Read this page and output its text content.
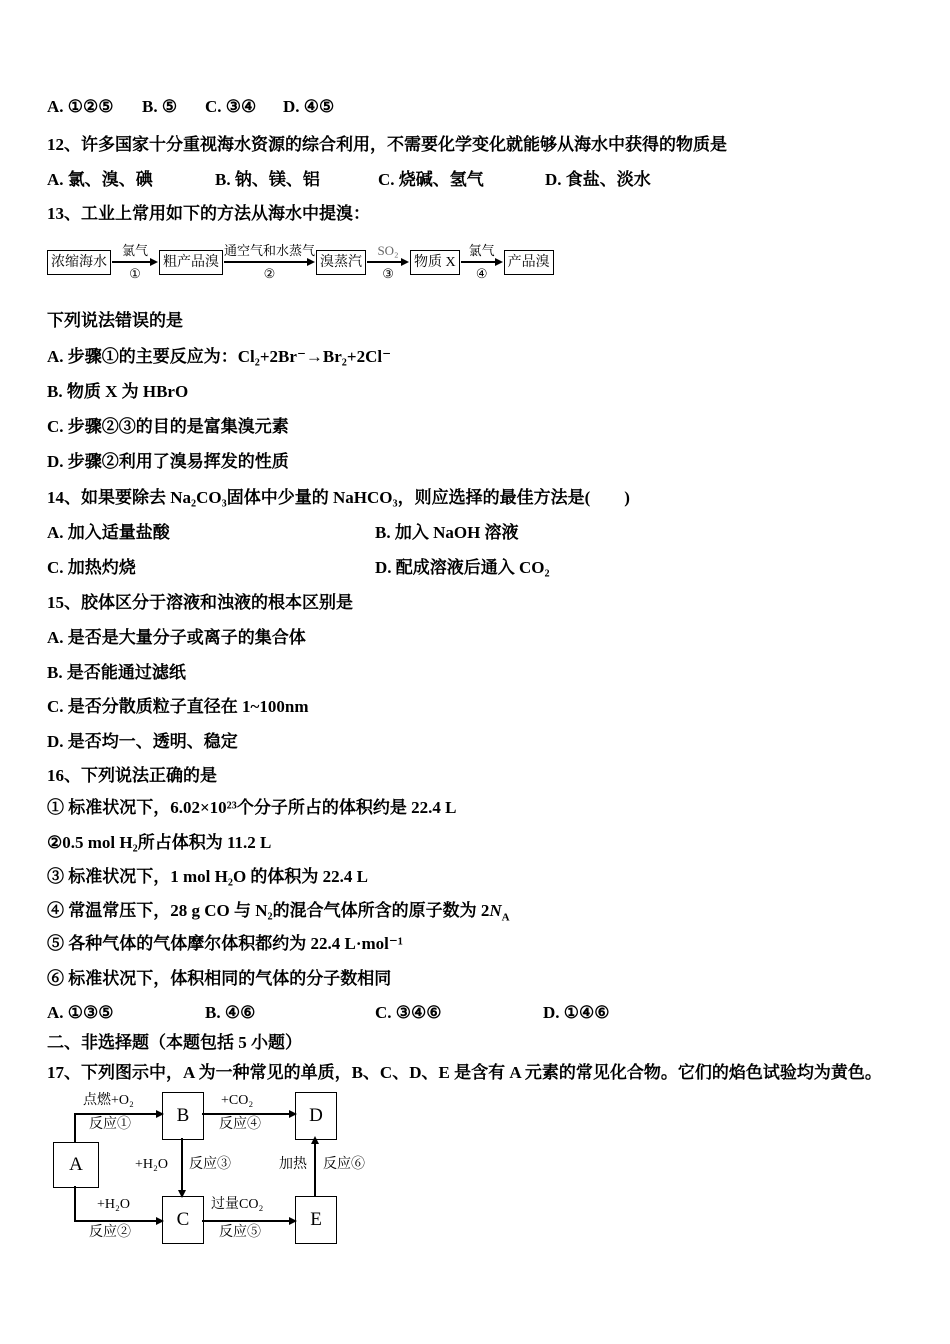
A. ①②⑤ B. ⑤ C. ③④ D. ④⑤
12、许多国家十分重视海水资源的综合利用，不需要化学变化就能够从海水中获得的物质是
A. 氯、溴、碘	B. 钠、镁、铝	C. 烧碱、氢气	D. 食盐、淡水
13、工业上常用如下的方法从海水中提溴：
浓缩海水
氯气
①
粗产品溴
通空气和水蒸气
②
溴蒸汽
SO₂
③
物质 X
氯气
④
产品溴
下列说法错误的是
A. 步骤①的主要反应为：Cl₂+2Br⁻→Br₂+2Cl⁻
B. 物质 X 为 HBrO
C. 步骤②③的目的是富集溴元素
D. 步骤②利用了溴易挥发的性质
14、如果要除去 Na₂CO₃固体中少量的 NaHCO₃，则应选择的最佳方法是(　　)
A. 加入适量盐酸	B. 加入 NaOH 溶液
C. 加热灼烧	D. 配成溶液后通入 CO₂
15、胶体区分于溶液和浊液的根本区别是
A. 是否是大量分子或离子的集合体
B. 是否能通过滤纸
C. 是否分散质粒子直径在 1~100nm
D. 是否均一、透明、稳定
16、下列说法正确的是
① 标准状况下，6.02×10²³个分子所占的体积约是 22.4 L
②0.5 mol H₂所占体积为 11.2 L
③ 标准状况下，1 mol H₂O 的体积为 22.4 L
④ 常温常压下，28 g CO 与 N₂的混合气体所含的原子数为 $2N_A$
⑤ 各种气体的气体摩尔体积都约为 22.4 L·mol⁻¹
⑥ 标准状况下，体积相同的气体的分子数相同
A. ①③⑤	B. ④⑥	C. ③④⑥	D. ①④⑥
二、非选择题（本题包括 5 小题）
17、下列图示中，A 为一种常见的单质，B、C、D、E 是含有 A 元素的常见化合物。它们的焰色试验均为黄色。
A
B
C
D
E
点燃+O₂
反应①
+CO₂
反应④
+H₂O 反应③	加热 反应⑥
+H₂O
反应②
过量CO₂
反应⑤
